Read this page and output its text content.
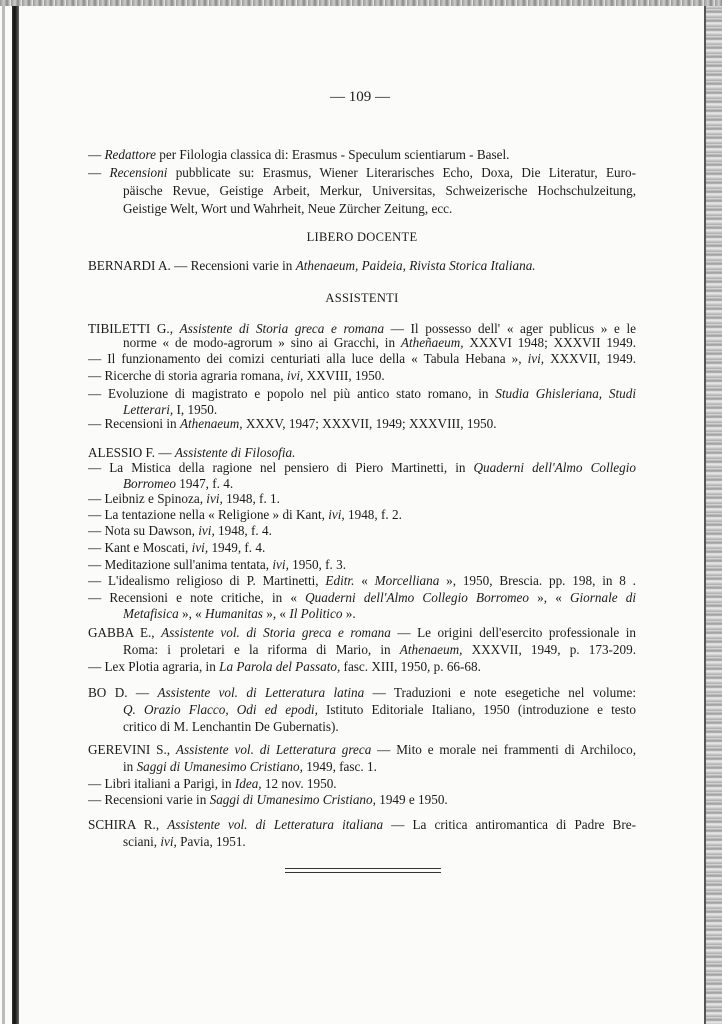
— 109 —
— Redattore per Filologia classica di: Erasmus - Speculum scientiarum - Basel.
— Recensioni pubblicate su: Erasmus, Wiener Literarisches Echo, Doxa, Die Literatur, Euro-
päische Revue, Geistige Arbeit, Merkur, Universitas, Schweizerische Hochschulzeitung,
Geistige Welt, Wort und Wahrheit, Neue Zürcher Zeitung, ecc.
LIBERO DOCENTE
BERNARDI A. — Recensioni varie in Athenaeum, Paideia, Rivista Storica Italiana.
ASSISTENTI
TIBILETTI G., Assistente di Storia greca e romana — Il possesso dell' « ager publicus » e le
norme « de modo-agrorum » sino ai Gracchi, in Atheñaeum, XXXVI 1948; XXXVII 1949.
— Il funzionamento dei comizi centuriati alla luce della « Tabula Hebana », ivi, XXXVII, 1949.
— Ricerche di storia agraria romana, ivi, XXVIII, 1950.
— Evoluzione di magistrato e popolo nel più antico stato romano, in Studia Ghisleriana, Studi
Letterari, I, 1950.
— Recensioni in Athenaeum, XXXV, 1947; XXXVII, 1949; XXXVIII, 1950.
ALESSIO F. — Assistente di Filosofia.
— La Mistica della ragione nel pensiero di Piero Martinetti, in Quaderni dell'Almo Collegio
Borromeo 1947, f. 4.
— Leibniz e Spinoza, ivi, 1948, f. 1.
— La tentazione nella « Religione » di Kant, ivi, 1948, f. 2.
— Nota su Dawson, ivi, 1948, f. 4.
— Kant e Moscati, ivi, 1949, f. 4.
— Meditazione sull'anima tentata, ivi, 1950, f. 3.
— L'idealismo religioso di P. Martinetti, Editr. « Morcelliana », 1950, Brescia. pp. 198, in 8 .
— Recensioni e note critiche, in « Quaderni dell'Almo Collegio Borromeo », « Giornale di
Metafisica », « Humanitas », « Il Politico ».
GABBA E., Assistente vol. di Storia greca e romana — Le origini dell'esercito professionale in
Roma: i proletari e la riforma di Mario, in Athenaeum, XXXVII, 1949, p. 173-209.
— Lex Plotia agraria, in La Parola del Passato, fasc. XIII, 1950, p. 66-68.
BO D. — Assistente vol. di Letteratura latina — Traduzioni e note esegetiche nel volume:
Q. Orazio Flacco, Odi ed epodi, Istituto Editoriale Italiano, 1950 (introduzione e testo
critico di M. Lenchantin De Gubernatis).
GEREVINI S., Assistente vol. di Letteratura greca — Mito e morale nei frammenti di Archiloco,
in Saggi di Umanesimo Cristiano, 1949, fasc. 1.
— Libri italiani a Parigi, in Idea, 12 nov. 1950.
— Recensioni varie in Saggi di Umanesimo Cristiano, 1949 e 1950.
SCHIRA R., Assistente vol. di Letteratura italiana — La critica antiromantica di Padre Bre-
sciani, ivi, Pavia, 1951.
